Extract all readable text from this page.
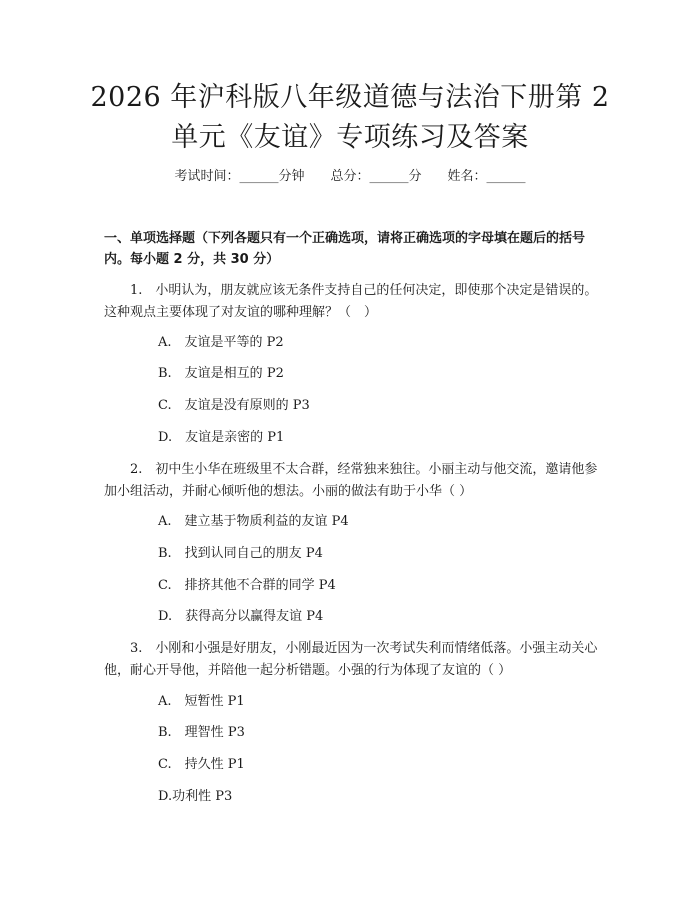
2026 年沪科版八年级道德与法治下册第 2 单元《友谊》专项练习及答案
考试时间：______分钟 总分：______分 姓名：______
一、单项选择题（下列各题只有一个正确选项，请将正确选项的字母填在题后的括号内。每小题 2 分，共 30 分）
1.　小明认为，朋友就应该无条件支持自己的任何决定，即使那个决定是错误的。这种观点主要体现了对友谊的哪种理解？（　）
A.　友谊是平等的 P2
B.　友谊是相互的 P2
C.　友谊是没有原则的 P3
D.　友谊是亲密的 P1
2.　初中生小华在班级里不太合群，经常独来独往。小丽主动与他交流，邀请他参加小组活动，并耐心倾听他的想法。小丽的做法有助于小华（ ）
A.　建立基于物质利益的友谊 P4
B.　找到认同自己的朋友 P4
C.　排挤其他不合群的同学 P4
D.　获得高分以赢得友谊 P4
3.　小刚和小强是好朋友，小刚最近因为一次考试失利而情绪低落。小强主动关心他，耐心开导他，并陪他一起分析错题。小强的行为体现了友谊的（ ）
A.　短暂性 P1
B.　理智性 P3
C.　持久性 P1
D.功利性 P3
